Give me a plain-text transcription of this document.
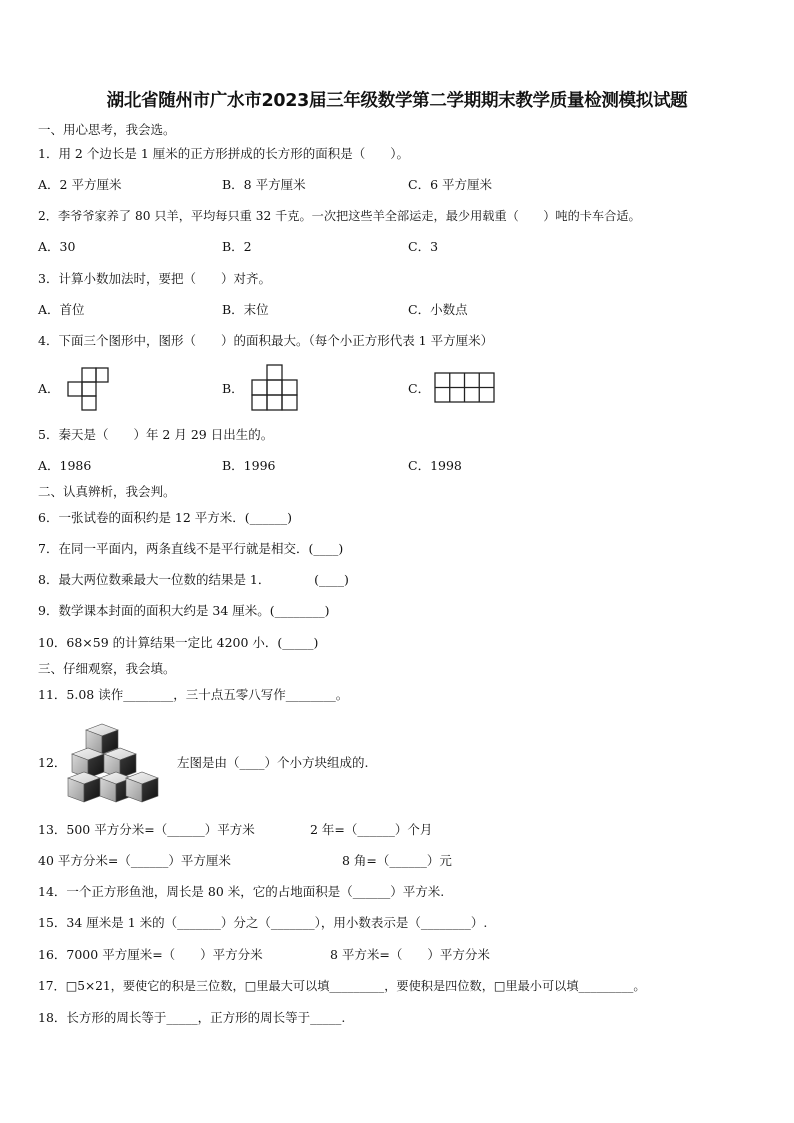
湖北省随州市广水市2023届三年级数学第二学期期末教学质量检测模拟试题
一、用心思考，我会选。
1．用 2 个边长是 1 厘米的正方形拼成的长方形的面积是（　　）。
A．2 平方厘米	B．8 平方厘米	C．6 平方厘米
2．李爷爷家养了 80 只羊，平均每只重 32 千克。一次把这些羊全部运走，最少用载重（　　）吨的卡车合适。
A．30	B．2	C．3
3．计算小数加法时，要把（　　）对齐。
A．首位	B．末位	C．小数点
4．下面三个图形中，图形（　　）的面积最大。（每个小正方形代表 1 平方厘米）
A．	B．	C．
5．秦天是（　　）年 2 月 29 日出生的。
A．1986	B．1996	C．1998
二、认真辨析，我会判。
6．一张试卷的面积约是 12 平方米．(______)
7．在同一平面内，两条直线不是平行就是相交．(____)
8．最大两位数乘最大一位数的结果是 1．　　　　(____)
9．数学课本封面的面积大约是 34 厘米。(________)
10．68×59 的计算结果一定比 4200 小．(_____)
三、仔细观察，我会填。
11．5.08 读作________，三十点五零八写作________。
12．	左图是由（____）个小方块组成的.
13．500 平方分米=（______）平方米	2 年=（______）个月
40 平方分米=（______）平方厘米	8 角=（______）元
14．一个正方形鱼池，周长是 80 米，它的占地面积是（______）平方米.
15．34 厘米是 1 米的（_______）分之（_______），用小数表示是（________）.
16．7000 平方厘米=（　　）平方分米	8 平方米=（　　）平方分米
17．□5×21，要使它的积是三位数，□里最大可以填_________，要使积是四位数，□里最小可以填_________。
18．长方形的周长等于_____，正方形的周长等于_____.
